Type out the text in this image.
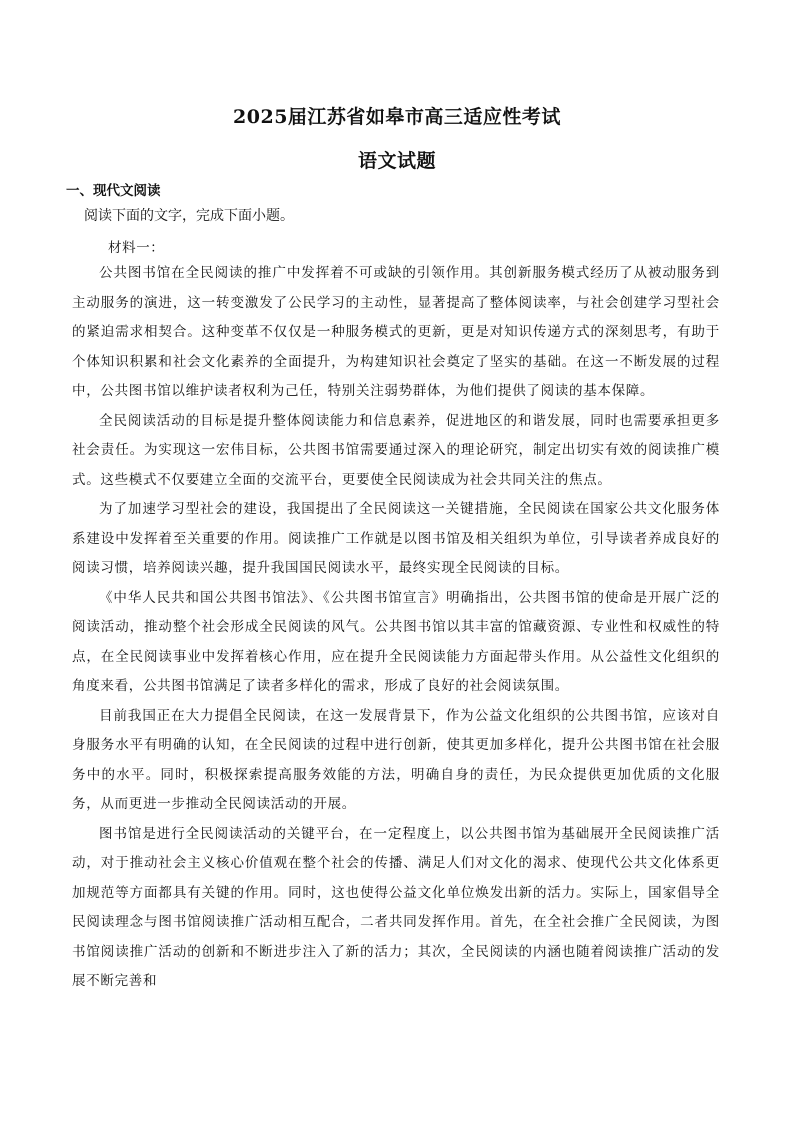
2025届江苏省如皋市高三适应性考试
语文试题
一、现代文阅读
阅读下面的文字，完成下面小题。
材料一：

公共图书馆在全民阅读的推广中发挥着不可或缺的引领作用。其创新服务模式经历了从被动服务到主动服务的演进，这一转变激发了公民学习的主动性，显著提高了整体阅读率，与社会创建学习型社会的紧迫需求相契合。这种变革不仅仅是一种服务模式的更新，更是对知识传递方式的深刻思考，有助于个体知识积累和社会文化素养的全面提升，为构建知识社会奠定了坚实的基础。在这一不断发展的过程中，公共图书馆以维护读者权利为己任，特别关注弱势群体，为他们提供了阅读的基本保障。

全民阅读活动的目标是提升整体阅读能力和信息素养，促进地区的和谐发展，同时也需要承担更多社会责任。为实现这一宏伟目标，公共图书馆需要通过深入的理论研究，制定出切实有效的阅读推广模式。这些模式不仅要建立全面的交流平台，更要使全民阅读成为社会共同关注的焦点。

为了加速学习型社会的建设，我国提出了全民阅读这一关键措施，全民阅读在国家公共文化服务体系建设中发挥着至关重要的作用。阅读推广工作就是以图书馆及相关组织为单位，引导读者养成良好的阅读习惯，培养阅读兴趣，提升我国国民阅读水平，最终实现全民阅读的目标。

《中华人民共和国公共图书馆法》、《公共图书馆宣言》明确指出，公共图书馆的使命是开展广泛的阅读活动，推动整个社会形成全民阅读的风气。公共图书馆以其丰富的馆藏资源、专业性和权威性的特点，在全民阅读事业中发挥着核心作用，应在提升全民阅读能力方面起带头作用。从公益性文化组织的角度来看，公共图书馆满足了读者多样化的需求，形成了良好的社会阅读氛围。

目前我国正在大力提倡全民阅读，在这一发展背景下，作为公益文化组织的公共图书馆，应该对自身服务水平有明确的认知，在全民阅读的过程中进行创新，使其更加多样化，提升公共图书馆在社会服务中的水平。同时，积极探索提高服务效能的方法，明确自身的责任，为民众提供更加优质的文化服务，从而更进一步推动全民阅读活动的开展。

图书馆是进行全民阅读活动的关键平台，在一定程度上，以公共图书馆为基础展开全民阅读推广活动，对于推动社会主义核心价值观在整个社会的传播、满足人们对文化的渴求、使现代公共文化体系更加规范等方面都具有关键的作用。同时，这也使得公益文化单位焕发出新的活力。实际上，国家倡导全民阅读理念与图书馆阅读推广活动相互配合，二者共同发挥作用。首先，在全社会推广全民阅读，为图书馆阅读推广活动的创新和不断进步注入了新的活力；其次，全民阅读的内涵也随着阅读推广活动的发展不断完善和
